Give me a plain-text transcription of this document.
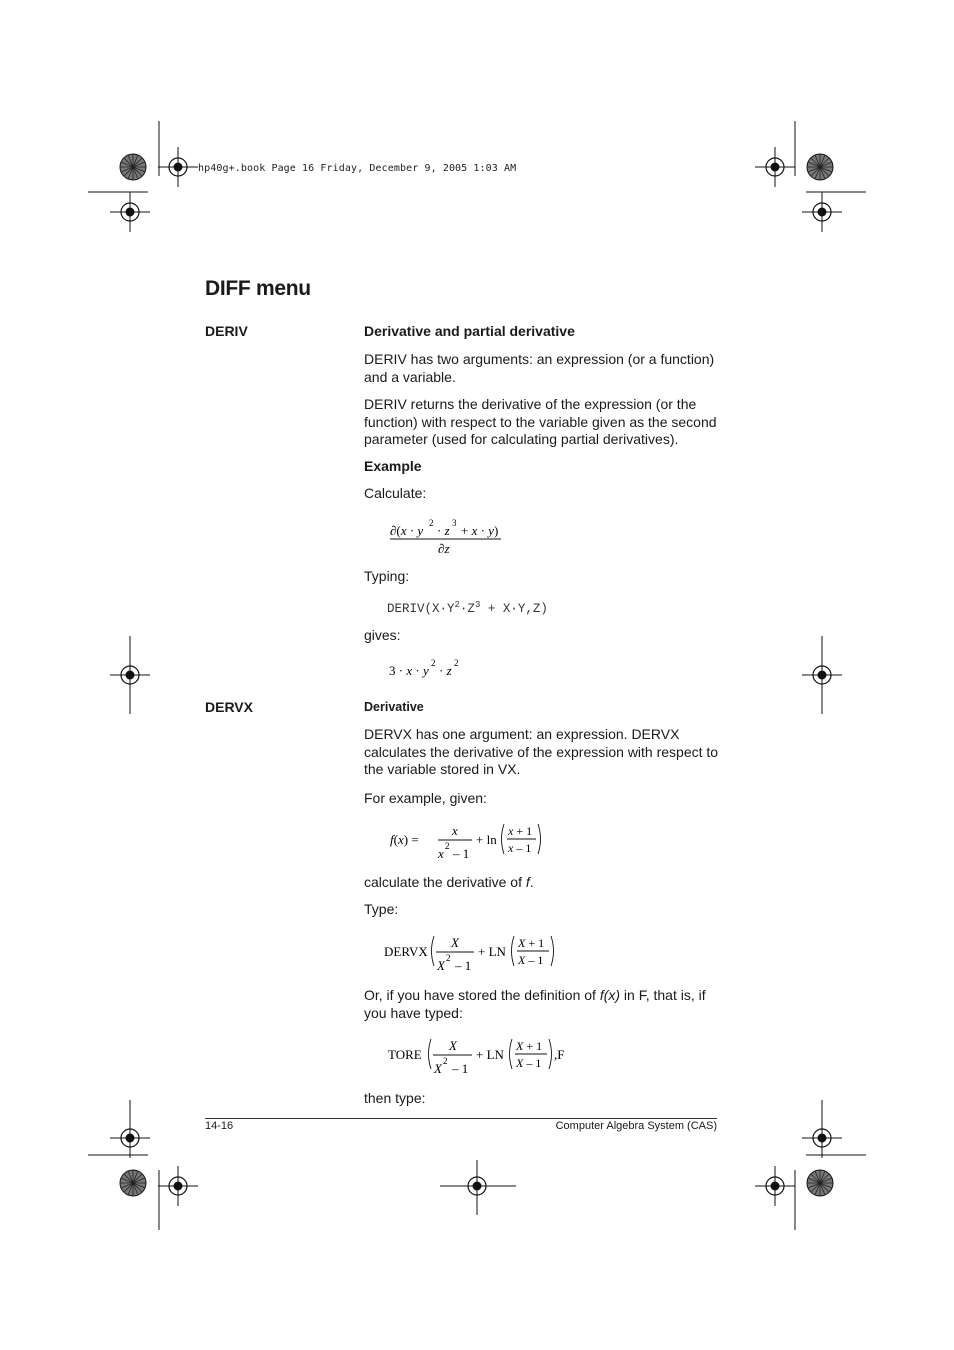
hp40g+.book Page 16 Friday, December 9, 2005 1:03 AM
DIFF menu
DERIV	Derivative and partial derivative
DERIV has two arguments: an expression (or a function) and a variable.
DERIV returns the derivative of the expression (or the function) with respect to the variable given as the second parameter (used for calculating partial derivatives).
Example
Calculate:
∂(x · y 2 · z 3 + x · y)
∂z
Typing:
$DERIV(X\cdot Y^2\cdot Z^3 + X\cdot Y,Z)$
gives:
3 · x · y 2 · z 2
DERVX	Derivative
DERVX has one argument: an expression. DERVX calculates the derivative of the expression with respect to the variable stored in VX.
For example, given:
f(x) =
x
x 2 – 1
+ ln
x + 1
x – 1
calculate the derivative of f.
Type:
DERVX
X
X 2 – 1
+ LN
X + 1
X – 1
Or, if you have stored the definition of f(x) in F, that is, if you have typed:
TORE
X
X 2 – 1
+ LN
X + 1
X – 1
,F
then type:
14-16	Computer Algebra System (CAS)
